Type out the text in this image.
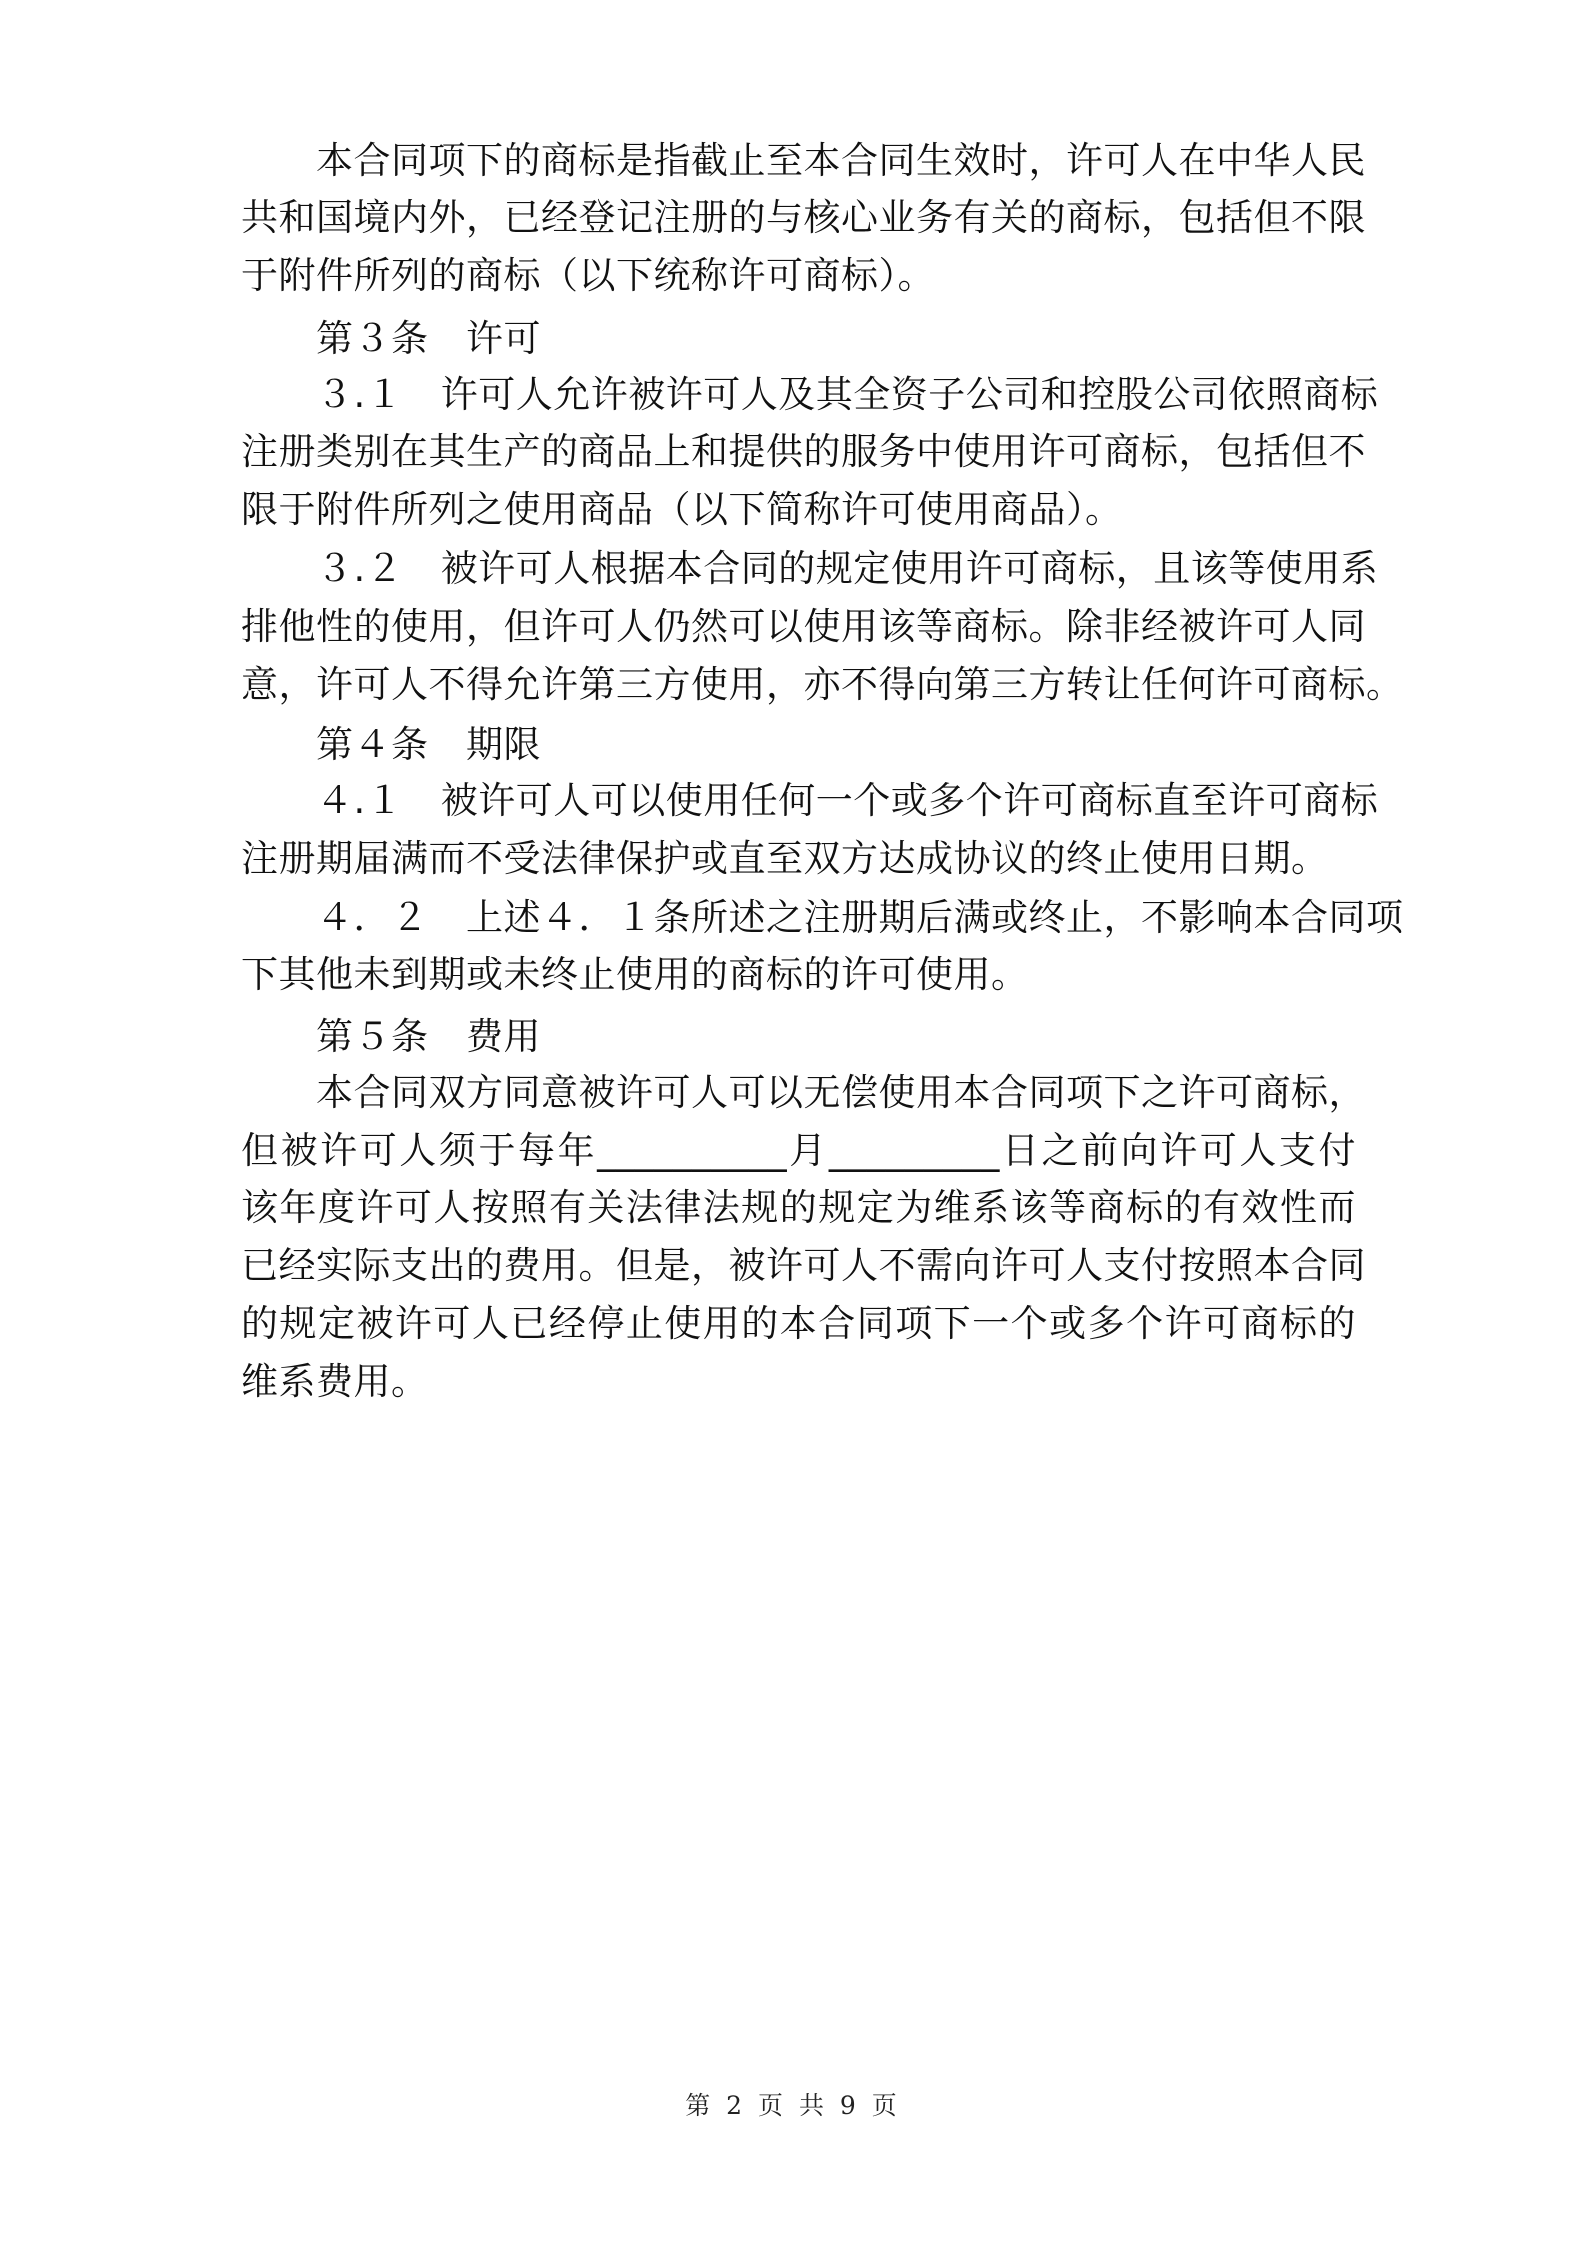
本合同项下的商标是指截止至本合同生效时，许可人在中华人民
共和国境内外，已经登记注册的与核心业务有关的商标，包括但不限
于附件所列的商标（以下统称许可商标）。
第３条　许可
３.１　许可人允许被许可人及其全资子公司和控股公司依照商标
注册类别在其生产的商品上和提供的服务中使用许可商标，包括但不
限于附件所列之使用商品（以下简称许可使用商品）。
３.２　被许可人根据本合同的规定使用许可商标，且该等使用系
排他性的使用，但许可人仍然可以使用该等商标。除非经被许可人同
意，许可人不得允许第三方使用，亦不得向第三方转让任何许可商标。
第４条　期限
４.１　被许可人可以使用任何一个或多个许可商标直至许可商标
注册期届满而不受法律保护或直至双方达成协议的终止使用日期。
４．２　上述４．１条所述之注册期后满或终止，不影响本合同项
下其他未到期或未终止使用的商标的许可使用。
第５条　费用
本合同双方同意被许可人可以无偿使用本合同项下之许可商标，
但被许可人须于每年__________月_________日之前向许可人支付
该年度许可人按照有关法律法规的规定为维系该等商标的有效性而
已经实际支出的费用。但是，被许可人不需向许可人支付按照本合同
的规定被许可人已经停止使用的本合同项下一个或多个许可商标的
维系费用。
第 2 页 共 9 页
